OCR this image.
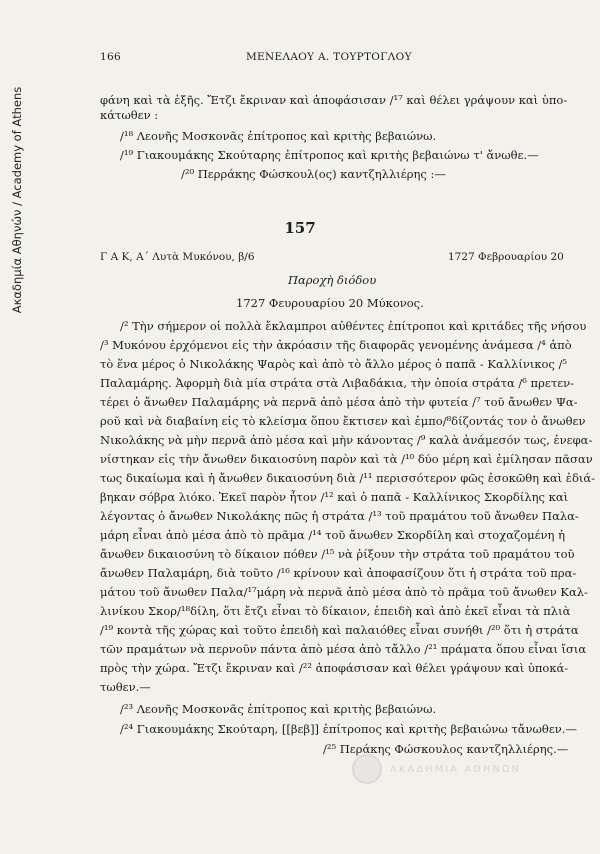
Ακαδημία Αθηνών / Academy of Athens
166	ΜΕΝΕΛΑΟΥ Α. ΤΟΥΡΤΟΓΛΟΥ
φάνη καὶ τὰ ἑξῆς. Ἔτζι ἔκριναν καὶ ἀποφάσισαν /¹⁷ καὶ θέλει γράψουν καὶ ὑπο-
κάτωθεν :
/¹⁸ Λεονῆς Μοσκονᾶς ἐπίτροπος καὶ κριτὴς βεβαιώνω.
/¹⁹ Γιακουμάκης Σκούταρης ἐπίτροπος καὶ κριτὴς βεβαιώνω τ' ἄνωθε.—
/²⁰ Περράκης Φώσκουλ(ος) καντζηλλιέρης :—
157
Γ Α Κ, Α΄ Λυτὰ Μυκόνου, β/6	1727 Φεβρουαρίου 20
Παροχὴ διόδου
1727 Φευρουαρίου 20 Μύκονος.
/² Τὴν σήμερον οἱ πολλὰ ἔκλαμπροι αὐθέντες ἐπίτροποι καὶ κριτάδες τῆς νήσου
/³ Μυκόνου ἐρχόμενοι εἰς τὴν ἀκρόασιν τῆς διαφορᾶς γενομένης ἀνάμεσα /⁴ ἀπὸ
τὸ ἕνα μέρος ὁ Νικολάκης Ψαρὸς καὶ ἀπὸ τὸ ἄλλο μέρος ὁ παπᾶ - Καλλίνικος /⁵
Παλαμάρης. Ἀφορμὴ διὰ μία στράτα στὰ Λιβαδάκια, τὴν ὁποία στράτα /⁶ πρετεν-
τέρει ὁ ἄνωθεν Παλαμάρης νὰ περνᾶ ἀπὸ μέσα ἀπὸ τὴν φυτεία /⁷ τοῦ ἄνωθεν Ψα-
ροῦ καὶ νὰ διαβαίνη εἰς τὸ κλείσμα ὅπου ἔκτισεν καὶ ἐμπο/⁸δίζοντάς τον ὁ ἄνωθεν
Νικολάκης νὰ μὴν περνᾶ ἀπὸ μέσα καὶ μὴν κάνοντας /⁹ καλὰ ἀνάμεσόν τως, ἐνεφα-
νίστηκαν εἰς τὴν ἄνωθεν δικαιοσύνη παρὸν καὶ τὰ /¹⁰ δύο μέρη καὶ ἐμίλησαν πᾶσαν
τως δικαίωμα καὶ ἡ ἄνωθεν δικαιοσύνη διὰ /¹¹ περισσότερον φῶς ἐσοκῶθη καὶ ἐδιά-
βηκαν σόβρα λιόκο. Ἐκεῖ παρὸν ἦτον /¹² καὶ ὁ παπᾶ - Καλλίνικος Σκορδίλης καὶ
λέγοντας ὁ ἄνωθεν Νικολάκης πῶς ἡ στράτα /¹³ τοῦ πραμάτου τοῦ ἄνωθεν Παλα-
μάρη εἶναι ἀπὸ μέσα ἀπὸ τὸ πρᾶμα /¹⁴ τοῦ ἄνωθεν Σκορδίλη καὶ στοχαζομένη ἡ
ἄνωθεν δικαιοσύνη τὸ δίκαιον πόθεν /¹⁵ νὰ ῥίξουν τὴν στράτα τοῦ πραμάτου τοῦ
ἄνωθεν Παλαμάρη, διὰ τοῦτο /¹⁶ κρίνουν καὶ ἀποφασίζουν ὅτι ἡ στράτα τοῦ πρα-
μάτου τοῦ ἄνωθεν Παλα/¹⁷μάρη νὰ περνᾶ ἀπὸ μέσα ἀπὸ τὸ πρᾶμα τοῦ ἄνωθεν Καλ-
λινίκου Σκορ/¹⁸δίλη, ὅτι ἔτζι εἶναι τὸ δίκαιον, ἐπειδὴ καὶ ἀπὸ ἐκεῖ εἶναι τὰ πλιὰ
/¹⁹ κοντὰ τῆς χώρας καὶ τοῦτο ἐπειδὴ καὶ παλαιόθες εἶναι συνήθι /²⁰ ὅτι ἡ στράτα
τῶν πραμάτων νὰ περνοῦν πάντα ἀπὸ μέσα ἀπὸ τἄλλο /²¹ πράματα ὅπου εἶναι ἴσια
πρὸς τὴν χώρα. Ἔτζι ἔκριναν καὶ /²² ἀποφάσισαν καὶ θέλει γράψουν καὶ ὑποκά-
τωθεν.—
/²³ Λεονῆς Μοσκονᾶς ἐπίτροπος καὶ κριτὴς βεβαιώνω.
/²⁴ Γιακουμάκης Σκούταρη, [[βεβ]] ἐπίτροπος καὶ κριτὴς βεβαιώνω τἄνωθεν.—
/²⁵ Περάκης Φώσκουλος καντζηλλιέρης.—
ΑΚΑΔΗΜΙΑ ΑΘΗΝΩΝ
